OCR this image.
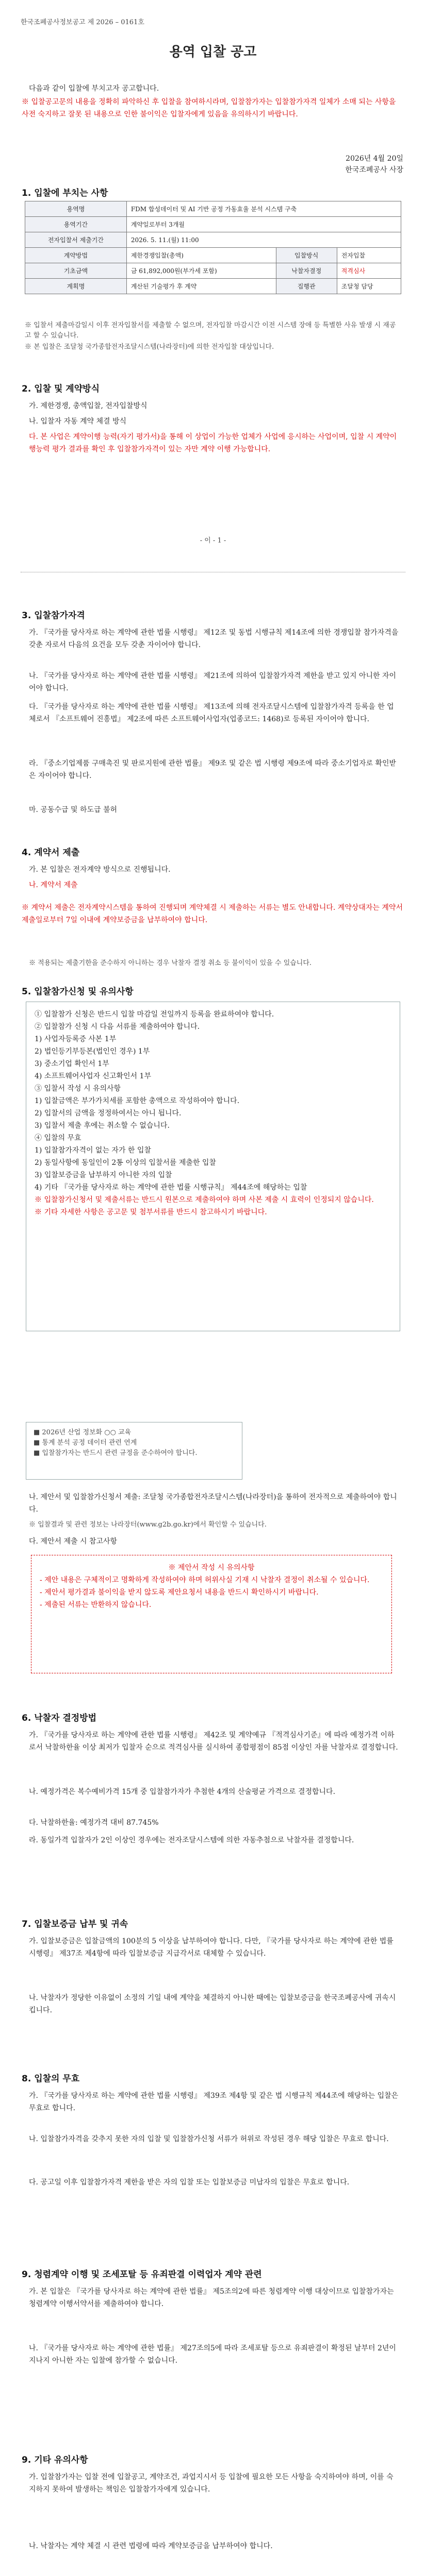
한국조폐공사정보공고 제 2026 – 0161호
용역 입찰 공고
다음과 같이 입찰에 부치고자 공고합니다.
※ 입찰공고문의 내용을 정확히 파악하신 후 입찰을 참여하시라며, 입찰참가자는 입찰참가자격 일체가 소매 되는 사항을 사전 숙지하고 잘못 된 내용으로 인한 불이익은 입찰자에게 있음을 유의하시기 바랍니다.
2026년 4월 20일
한국조폐공사 사장
1. 입찰에 부치는 사항
용역명	FDM 합성데이터 및 AI 기반 공정 가동효율 분석 시스템 구축		
용역기간	계약일로부터 3개월		
전자입찰서 제출기간	2026. 5. 11.(월) 11:00		
계약방법	제한경쟁입찰(총액)	입찰방식	전자입찰
기초금액	금 61,892,000원(부가세 포함)	낙찰자결정	적격심사
계획명	계산된 기술평가 후 계약	집행관	조달청 담당
※ 입찰서 제출마감일시 이후 전자입찰서를 제출할 수 없으며, 전자입찰 마감시간 이전 시스템 장애 등 특별한 사유 발생 시 재공고 할 수 있습니다.
※ 본 입찰은 조달청 국가종합전자조달시스템(나라장터)에 의한 전자입찰 대상입니다.
2. 입찰 및 계약방식
가. 제한경쟁, 총액입찰, 전자입찰방식
나. 입찰자 자동 계약 체결 방식
다. 본 사업은 계약이행 능력(자기 평가서)을 통해 이 상업이 가능한 업체가 사업에 응시하는 사업이며, 입찰 시 계약이행능력 평가 결과를 확인 후 입찰참가자격이 있는 자만 계약 이행 가능합니다.
- 이 - 1 -
3. 입찰참가자격
가. 『국가를 당사자로 하는 계약에 관한 법률 시행령』 제12조 및 동법 시행규칙 제14조에 의한 경쟁입찰 참가자격을 갖춘 자로서 다음의 요건을 모두 갖춘 자이어야 합니다.
나. 『국가를 당사자로 하는 계약에 관한 법률 시행령』 제21조에 의하여 입찰참가자격 제한을 받고 있지 아니한 자이어야 합니다.
다. 『국가를 당사자로 하는 계약에 관한 법률 시행령』 제13조에 의해 전자조달시스템에 입찰참가자격 등록을 한 업체로서 『소프트웨어 진흥법』 제2조에 따른 소프트웨어사업자(업종코드: 1468)로 등록된 자이어야 합니다.
라. 『중소기업제품 구매촉진 및 판로지원에 관한 법률』 제9조 및 같은 법 시행령 제9조에 따라 중소기업자로 확인받은 자이어야 합니다.
마. 공동수급 및 하도급 불허
4. 계약서 제출
가. 본 입찰은 전자계약 방식으로 진행됩니다.
나. 계약서 제출
※ 계약서 제출은 전자계약시스템을 통하여 진행되며 계약체결 시 제출하는 서류는 별도 안내합니다. 계약상대자는 계약서 제출일로부터 7일 이내에 계약보증금을 납부하여야 합니다.
※ 적용되는 제출기한을 준수하지 아니하는 경우 낙찰자 결정 취소 등 불이익이 있을 수 있습니다.
5. 입찰참가신청 및 유의사항
① 입찰참가 신청은 반드시 입찰 마감일 전일까지 등록을 완료하여야 합니다.
② 입찰참가 신청 시 다음 서류를 제출하여야 합니다.
1) 사업자등록증 사본 1부
2) 법인등기부등본(법인인 경우) 1부
3) 중소기업 확인서 1부
4) 소프트웨어사업자 신고확인서 1부
③ 입찰서 작성 시 유의사항
1) 입찰금액은 부가가치세를 포함한 총액으로 작성하여야 합니다.
2) 입찰서의 금액을 정정하여서는 아니 됩니다.
3) 입찰서 제출 후에는 취소할 수 없습니다.
④ 입찰의 무효
1) 입찰참가자격이 없는 자가 한 입찰
2) 동일사항에 동일인이 2통 이상의 입찰서를 제출한 입찰
3) 입찰보증금을 납부하지 아니한 자의 입찰
4) 기타 『국가를 당사자로 하는 계약에 관한 법률 시행규칙』 제44조에 해당하는 입찰
※ 입찰참가신청서 및 제출서류는 반드시 원본으로 제출하여야 하며 사본 제출 시 효력이 인정되지 않습니다.
※ 기타 자세한 사항은 공고문 및 첨부서류를 반드시 참고하시기 바랍니다.
■ 2026년 산업 정보화 ○○ 교육
■ 통계 분석 공정 데이터 관련 연계
■ 입찰참가자는 반드시 관련 규정을 준수하여야 합니다.
나. 제안서 및 입찰참가신청서 제출: 조달청 국가종합전자조달시스템(나라장터)을 통하여 전자적으로 제출하여야 합니다.
※ 입찰결과 및 관련 정보는 나라장터(www.g2b.go.kr)에서 확인할 수 있습니다.
다. 제안서 제출 시 참고사항
※ 제안서 작성 시 유의사항
- 제안 내용은 구체적이고 명확하게 작성하여야 하며 허위사실 기재 시 낙찰자 결정이 취소될 수 있습니다.
- 제안서 평가결과 불이익을 받지 않도록 제안요청서 내용을 반드시 확인하시기 바랍니다.
- 제출된 서류는 반환하지 않습니다.
6. 낙찰자 결정방법
가. 『국가를 당사자로 하는 계약에 관한 법률 시행령』 제42조 및 계약예규 『적격심사기준』에 따라 예정가격 이하로서 낙찰하한율 이상 최저가 입찰자 순으로 적격심사를 실시하여 종합평점이 85점 이상인 자를 낙찰자로 결정합니다.
나. 예정가격은 복수예비가격 15개 중 입찰참가자가 추첨한 4개의 산술평균 가격으로 결정합니다.
다. 낙찰하한율: 예정가격 대비 87.745%
라. 동일가격 입찰자가 2인 이상인 경우에는 전자조달시스템에 의한 자동추첨으로 낙찰자를 결정합니다.
7. 입찰보증금 납부 및 귀속
가. 입찰보증금은 입찰금액의 100분의 5 이상을 납부하여야 합니다. 다만, 『국가를 당사자로 하는 계약에 관한 법률 시행령』 제37조 제4항에 따라 입찰보증금 지급각서로 대체할 수 있습니다.
나. 낙찰자가 정당한 이유없이 소정의 기일 내에 계약을 체결하지 아니한 때에는 입찰보증금을 한국조폐공사에 귀속시킵니다.
8. 입찰의 무효
가. 『국가를 당사자로 하는 계약에 관한 법률 시행령』 제39조 제4항 및 같은 법 시행규칙 제44조에 해당하는 입찰은 무효로 합니다.
나. 입찰참가자격을 갖추지 못한 자의 입찰 및 입찰참가신청 서류가 허위로 작성된 경우 해당 입찰은 무효로 합니다.
다. 공고일 이후 입찰참가자격 제한을 받은 자의 입찰 또는 입찰보증금 미납자의 입찰은 무효로 합니다.
9. 청렴계약 이행 및 조세포탈 등 유죄판결 이력업자 계약 관련
가. 본 입찰은 『국가를 당사자로 하는 계약에 관한 법률』 제5조의2에 따른 청렴계약 이행 대상이므로 입찰참가자는 청렴계약 이행서약서를 제출하여야 합니다.
나. 『국가를 당사자로 하는 계약에 관한 법률』 제27조의5에 따라 조세포탈 등으로 유죄판결이 확정된 날부터 2년이 지나지 아니한 자는 입찰에 참가할 수 없습니다.
9. 기타 유의사항
가. 입찰참가자는 입찰 전에 입찰공고, 계약조건, 과업지시서 등 입찰에 필요한 모든 사항을 숙지하여야 하며, 이를 숙지하지 못하여 발생하는 책임은 입찰참가자에게 있습니다.
나. 낙찰자는 계약 체결 시 관련 법령에 따라 계약보증금을 납부하여야 합니다.
